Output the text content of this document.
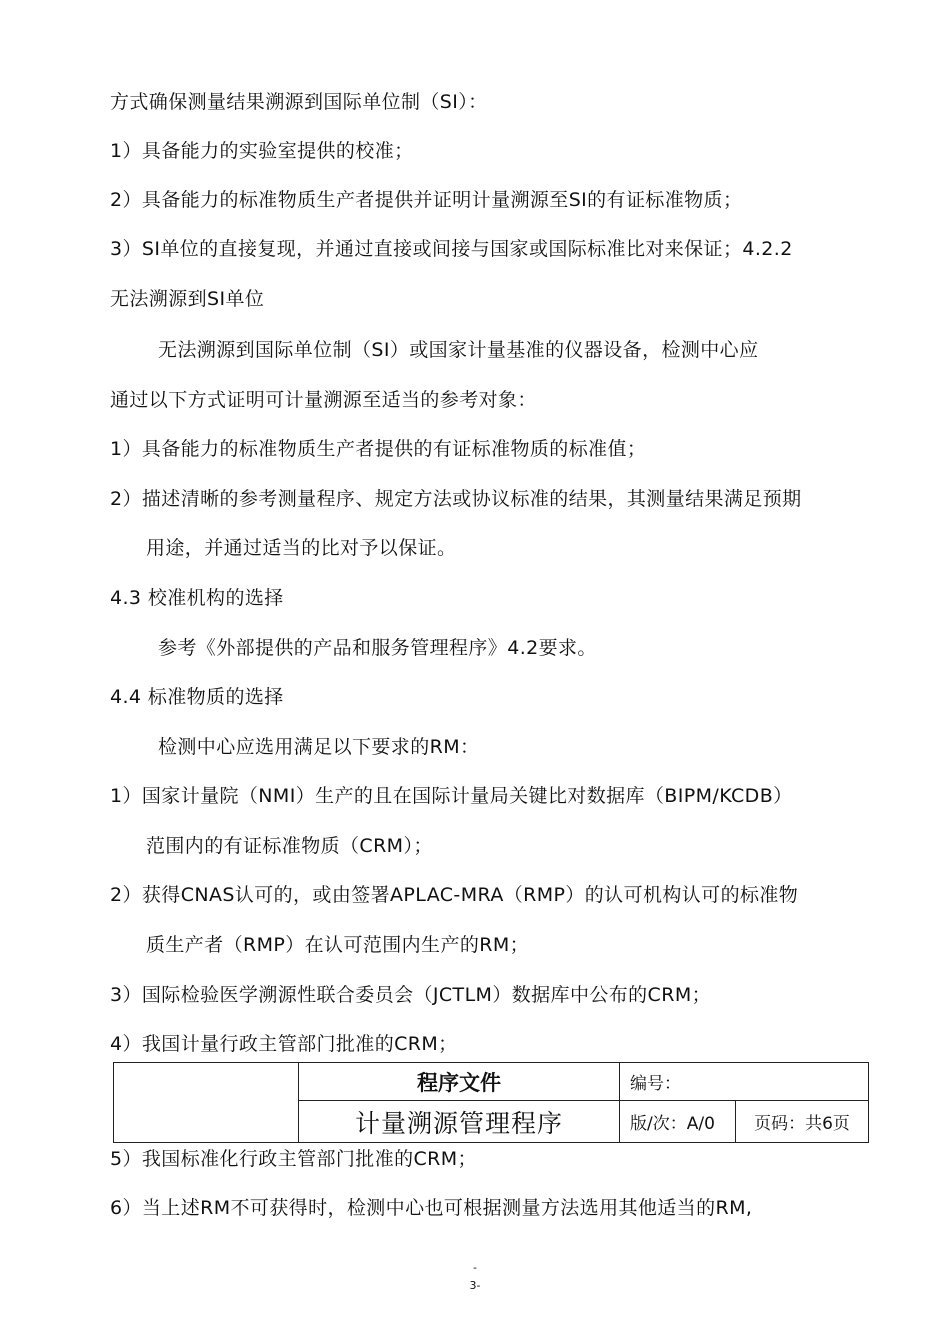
方式确保测量结果溯源到国际单位制（SI）：
1）具备能力的实验室提供的校准；
2）具备能力的标准物质生产者提供并证明计量溯源至SI的有证标准物质；
3）SI单位的直接复现，并通过直接或间接与国家或国际标准比对来保证；4.2.2
无法溯源到SI单位
无法溯源到国际单位制（SI）或国家计量基准的仪器设备，检测中心应
通过以下方式证明可计量溯源至适当的参考对象：
1）具备能力的标准物质生产者提供的有证标准物质的标准值；
2）描述清晰的参考测量程序、规定方法或协议标准的结果，其测量结果满足预期
用途，并通过适当的比对予以保证。
4.3 校准机构的选择
参考《外部提供的产品和服务管理程序》4.2要求。
4.4 标准物质的选择
检测中心应选用满足以下要求的RM：
1）国家计量院（NMI）生产的且在国际计量局关键比对数据库（BIPM/KCDB）
范围内的有证标准物质（CRM）；
2）获得CNAS认可的，或由签署APLAC-MRA（RMP）的认可机构认可的标准物
质生产者（RMP）在认可范围内生产的RM；
3）国际检验医学溯源性联合委员会（JCTLM）数据库中公布的CRM；
4）我国计量行政主管部门批准的CRM；
	程序文件	编号：	
	计量溯源管理程序	版/次：A/0	页码：共6页
5）我国标准化行政主管部门批准的CRM；
6）当上述RM不可获得时，检测中心也可根据测量方法选用其他适当的RM,
-
3-
